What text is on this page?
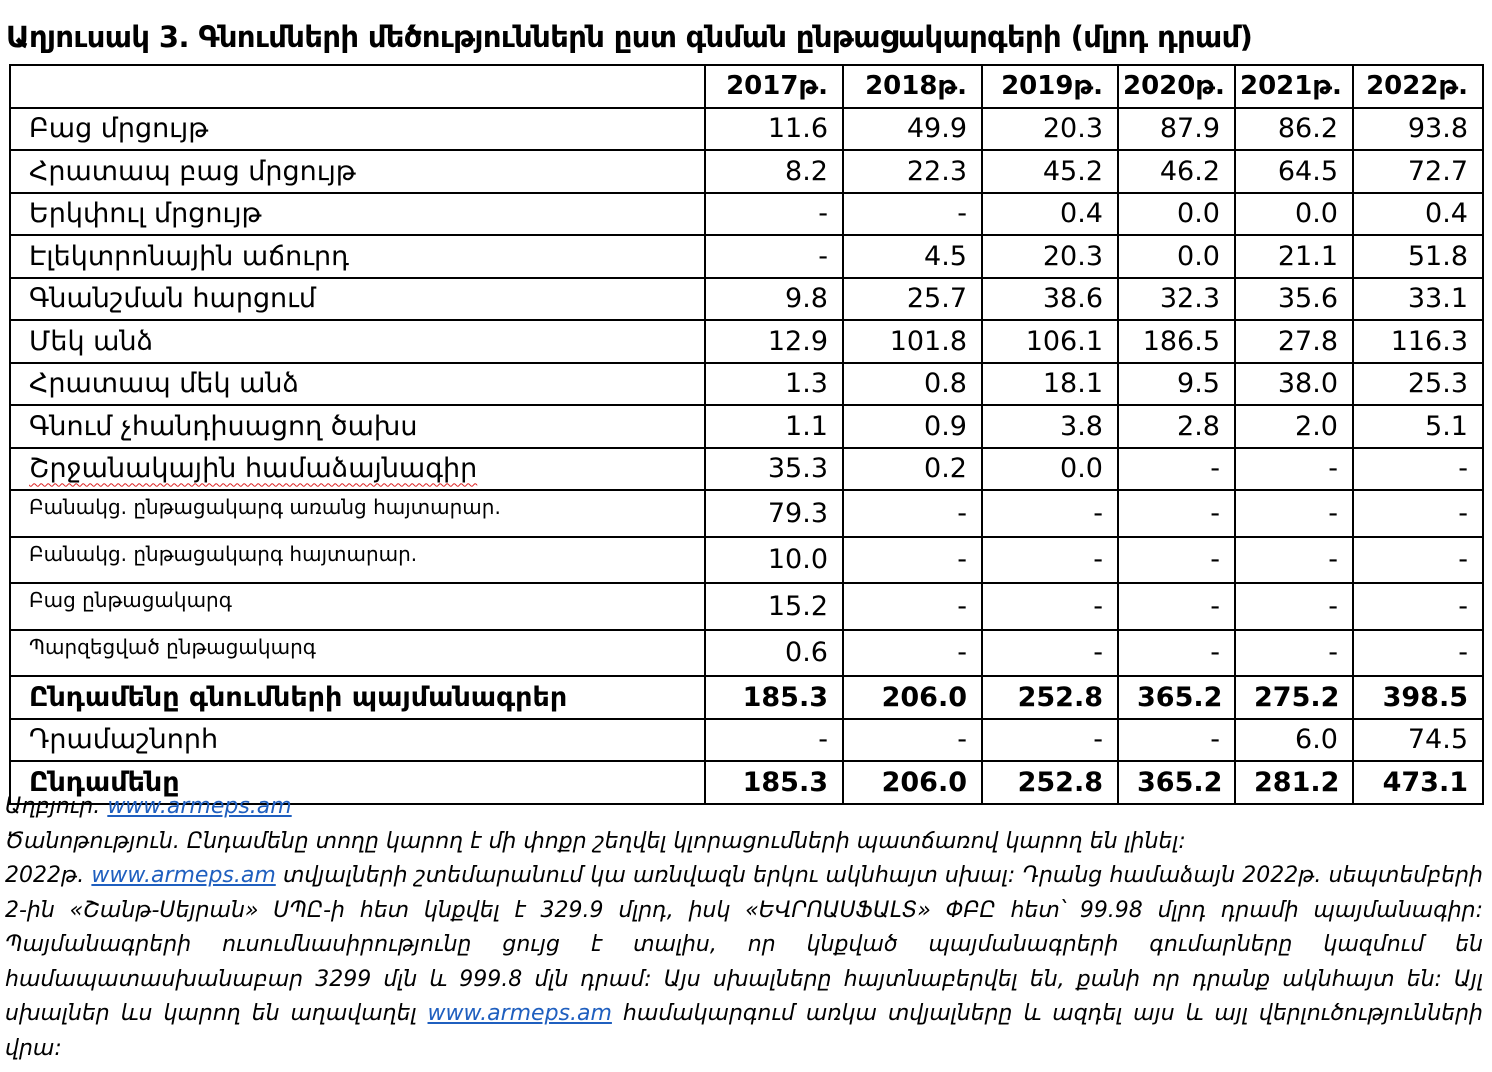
Աղյուսակ 3. Գնումների մեծություններն ըստ գնման ընթացակարգերի (մլրդ դրամ)
	2017թ.	2018թ.	2019թ.	2020թ.	2021թ.	2022թ.
Բաց մրցույթ	11.6	49.9	20.3	87.9	86.2	93.8
Հրատապ բաց մրցույթ	8.2	22.3	45.2	46.2	64.5	72.7
Երկփուլ մրցույթ	-	-	0.4	0.0	0.0	0.4
Էլեկտրոնային աճուրդ	-	4.5	20.3	0.0	21.1	51.8
Գնանշման հարցում	9.8	25.7	38.6	32.3	35.6	33.1
Մեկ անձ	12.9	101.8	106.1	186.5	27.8	116.3
Հրատապ մեկ անձ	1.3	0.8	18.1	9.5	38.0	25.3
Գնում չհանդիսացող ծախս	1.1	0.9	3.8	2.8	2.0	5.1
Շրջանակային համաձայնագիր	35.3	0.2	0.0	-	-	-
Բանակց. ընթացակարգ առանց հայտարար.	79.3	-	-	-	-	-
Բանակց. ընթացակարգ հայտարար.	10.0	-	-	-	-	-
Բաց ընթացակարգ	15.2	-	-	-	-	-
Պարզեցված ընթացակարգ	0.6	-	-	-	-	-
Ընդամենը գնումների պայմանագրեր	185.3	206.0	252.8	365.2	275.2	398.5
Դրամաշնորհ	-	-	-	-	6.0	74.5
Ընդամենը	185.3	206.0	252.8	365.2	281.2	473.1

Աղբյուր. www.armeps.am

Ծանոթություն. Ընդամենը տողը կարող է մի փոքր շեղվել կլորացումների պատճառով կարող են լինել:

2022թ. www.armeps.am տվյալների շտեմարանում կա առնվազն երկու ակնհայտ սխալ: Դրանց համաձայն 2022թ. սեպտեմբերի 2-ին «Շանթ-Սեյրան» ՍՊԸ-ի հետ կնքվել է 329.9 մլրդ, իսկ «ԵՎՐՈԱՍՖԱԼՏ» ՓԲԸ հետ՝ 99.98 մլրդ դրամի պայմանագիր: Պայմանագրերի ուսումնասիրությունը ցույց է տալիս, որ կնքված պայմանագրերի գումարները կազմում են համապատասխանաբար 3299 մլն և 999.8 մլն դրամ: Այս սխալները հայտնաբերվել են, քանի որ դրանք ակնհայտ են: Այլ սխալներ ևս կարող են աղավաղել www.armeps.am համակարգում առկա տվյալները և ազդել այս և այլ վերլուծությունների վրա:
